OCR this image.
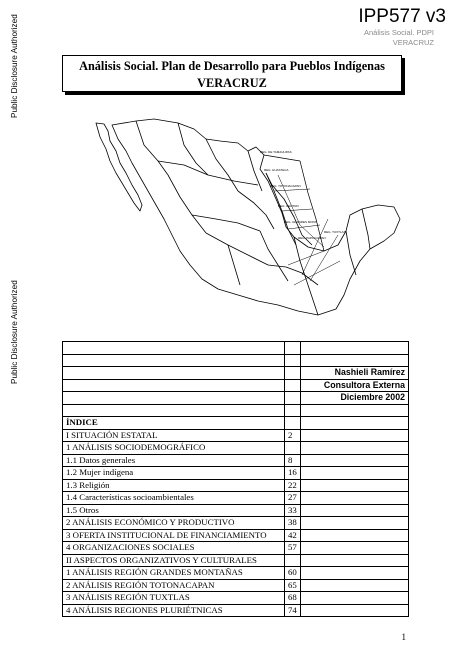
Public Disclosure Authorized
Public Disclosure Authorized
IPP577 v3
Análisis Social. PDPI
VERACRUZ
Análisis Social. Plan de Desarrollo para Pueblos Indígenas
VERACRUZ
REG. DE TAMAULIPAS
REG. HUASTECA
REG. TOTONACAPAN
REG. CENTRO
REG. GRANDES MONT.
REG. PAPALOAPAN
REG. TUXTLAS

		Nashieli Ramírez
		Consultora Externa
		Diciembre 2002

ÍNDICE		
I SITUACIÓN ESTATAL	2	
1 ANÁLISIS SOCIODEMOGRÁFICO		
1.1 Datos generales	8	
1.2 Mujer indígena	16	
1.3 Religión	22	
1.4 Características socioambientales	27	
1.5 Otros	33	
2 ANÁLISIS ECONÓMICO Y PRODUCTIVO	38	
3 OFERTA INSTITUCIONAL DE FINANCIAMIENTO	42	
4 ORGANIZACIONES SOCIALES	57	
II ASPECTOS ORGANIZATIVOS Y CULTURALES		
1 ANÁLISIS REGIÓN GRANDES MONTAÑAS	60	
2 ANÁLISIS REGIÓN TOTONACAPAN	65	
3 ANÁLISIS REGIÓN TUXTLAS	68	
4 ANÁLISIS REGIONES PLURIÉTNICAS	74	
1
